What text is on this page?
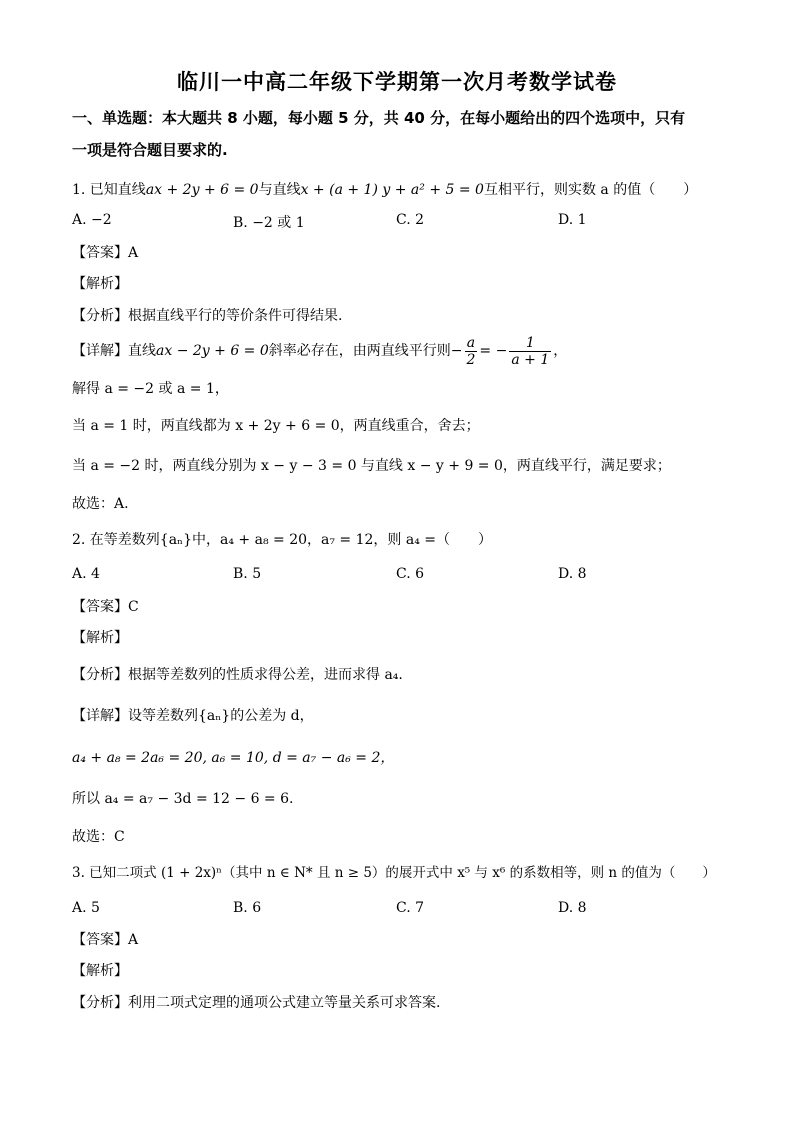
临川一中高二年级下学期第一次月考数学试卷
一、单选题：本大题共 8 小题，每小题 5 分，共 40 分，在每小题给出的四个选项中，只有
一项是符合题目要求的.
1. 已知直线ax + 2y + 6 = 0与直线x + (a + 1) y + a² + 5 = 0互相平行，则实数 a 的值（　　）
A. −2	B. −2 或 1	C. 2	D. 1
【答案】A
【解析】
【分析】根据直线平行的等价条件可得结果.
【详解】直线ax − 2y + 6 = 0斜率必存在，由两直线平行则− $\frac{a}{2}$ = − $\frac{1}{a + 1}$ ，
解得 a = −2 或 a = 1，
当 a = 1 时，两直线都为 x + 2y + 6 = 0，两直线重合，舍去；
当 a = −2 时，两直线分别为 x − y − 3 = 0 与直线 x − y + 9 = 0，两直线平行，满足要求；
故选：A.
2. 在等差数列{aₙ}中，a₄ + a₈ = 20，a₇ = 12，则 a₄ =（　　）
A. 4	B. 5	C. 6	D. 8
【答案】C
【解析】
【分析】根据等差数列的性质求得公差，进而求得 a₄.
【详解】设等差数列{aₙ}的公差为 d，
a₄ + a₈ = 2a₆ = 20, a₆ = 10, d = a₇ − a₆ = 2，
所以 a₄ = a₇ − 3d = 12 − 6 = 6.
故选：C
3. 已知二项式 (1 + 2x)ⁿ（其中 n ∈ N* 且 n ≥ 5）的展开式中 x⁵ 与 x⁶ 的系数相等，则 n 的值为（　　）
A. 5	B. 6	C. 7	D. 8
【答案】A
【解析】
【分析】利用二项式定理的通项公式建立等量关系可求答案.
